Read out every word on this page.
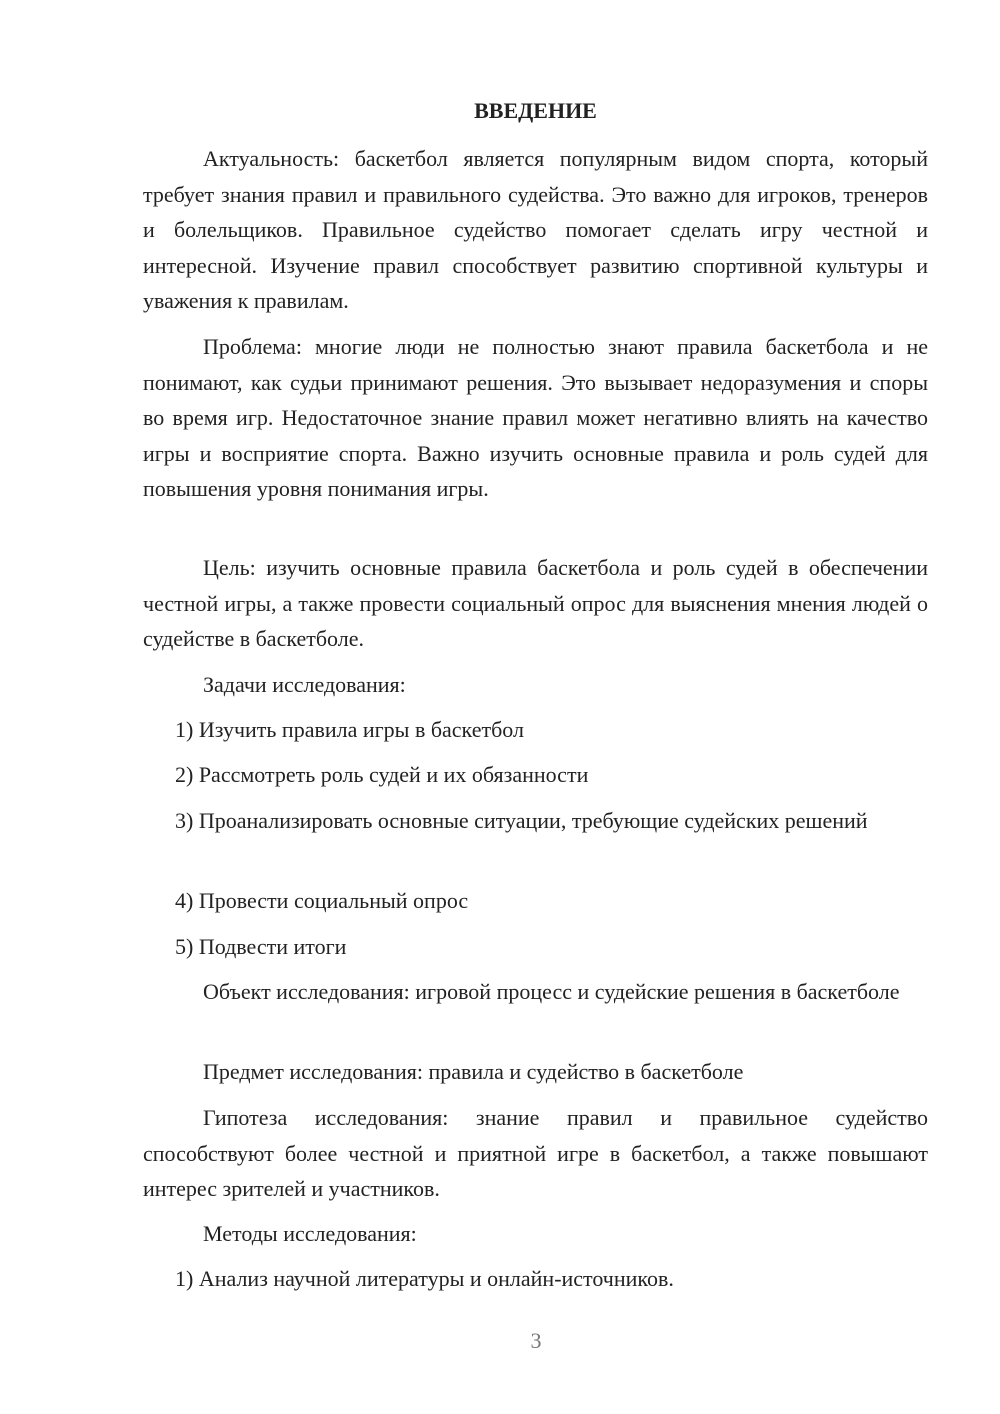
ВВЕДЕНИЕ

Актуальность: баскетбол является популярным видом спорта, который требует знания правил и правильного судейства. Это важно для игроков, тренеров и болельщиков. Правильное судейство помогает сделать игру честной и интересной. Изучение правил способствует развитию спортивной культуры и уважения к правилам.

Проблема: многие люди не полностью знают правила баскетбола и не понимают, как судьи принимают решения. Это вызывает недоразумения и споры во время игр. Недостаточное знание правил может негативно влиять на качество игры и восприятие спорта. Важно изучить основные правила и роль судей для повышения уровня понимания игры.

Цель: изучить основные правила баскетбола и роль судей в обеспечении честной игры, а также провести социальный опрос для выяснения мнения людей о судействе в баскетболе.

Задачи исследования:

1) Изучить правила игры в баскетбол

2) Рассмотреть роль судей и их обязанности

3) Проанализировать основные ситуации, требующие судейских решений

4) Провести социальный опрос

5) Подвести итоги

Объект исследования: игровой процесс и судейские решения в баскетболе

Предмет исследования: правила и судейство в баскетболе

Гипотеза исследования: знание правил и правильное судейство способствуют более честной и приятной игре в баскетбол, а также повышают интерес зрителей и участников.

Методы исследования:

1) Анализ научной литературы и онлайн-источников.

3
